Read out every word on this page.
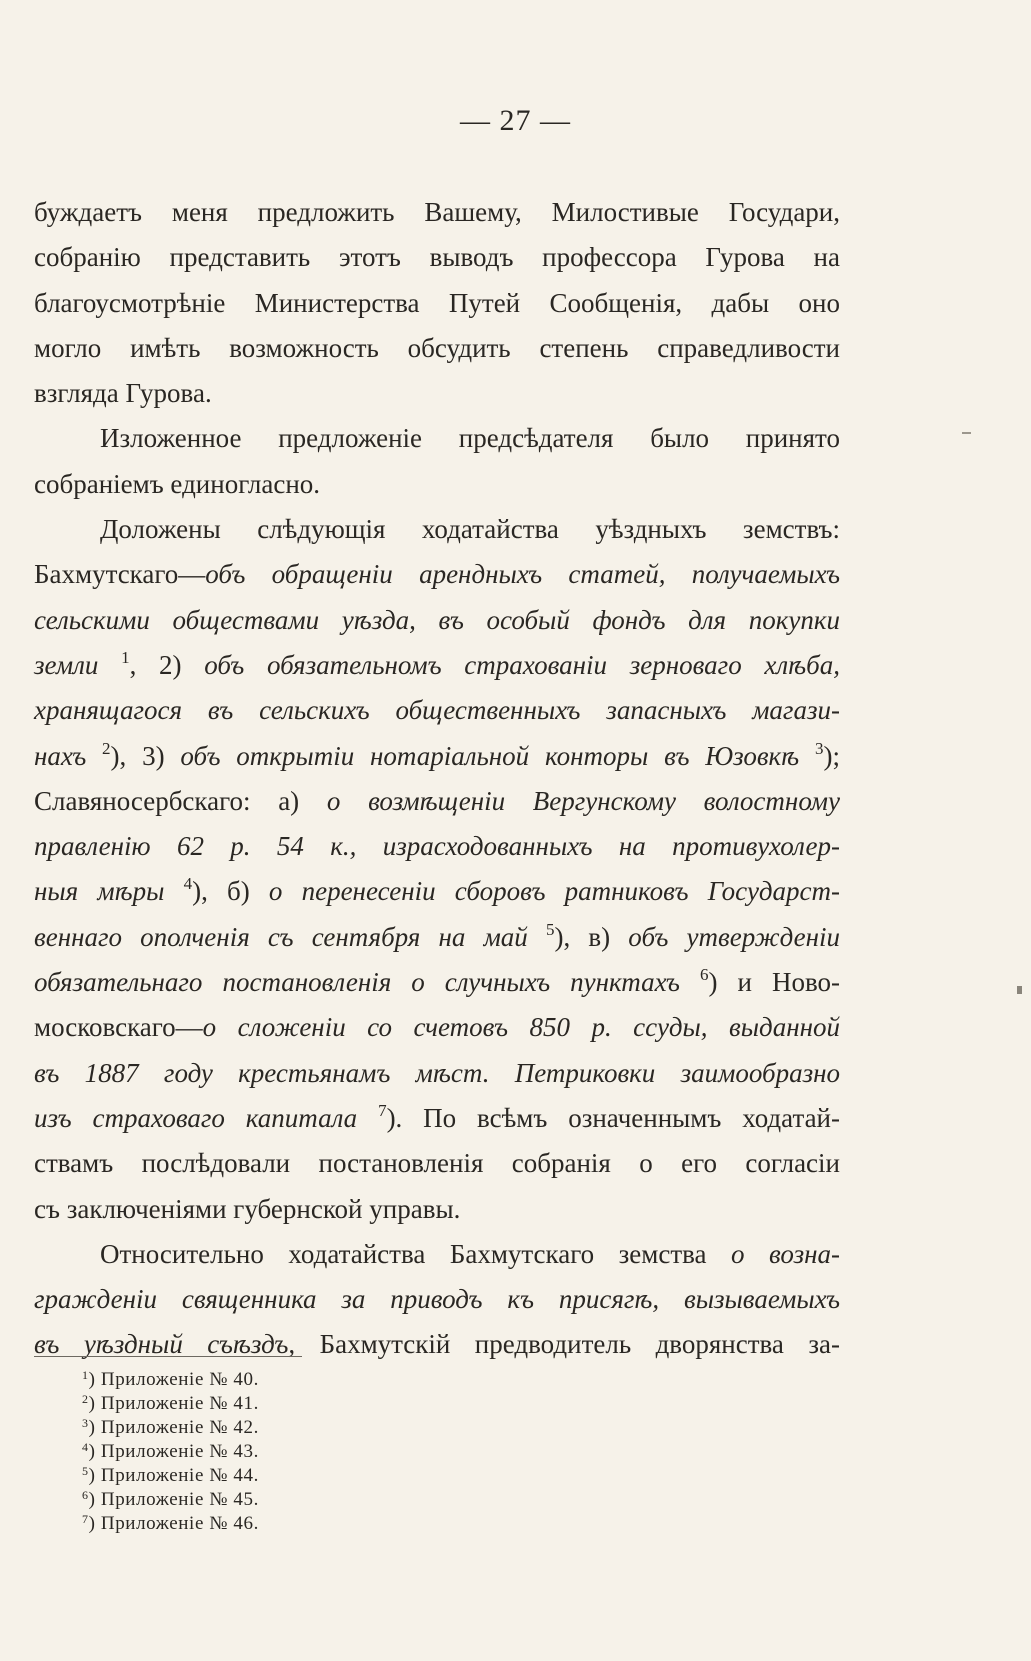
— 27 —
буждаетъ меня предложить Вашему, Милостивые Государи,
собранію представить этотъ выводъ профессора Гурова на
благоусмотрѣніе Министерства Путей Сообщенія, дабы оно
могло имѣть возможность обсудить степень справедливости
взгляда Гурова.
Изложенное предложеніе предсѣдателя было принято
собраніемъ единогласно.
Доложены слѣдующія ходатайства уѣздныхъ земствъ:
Бахмутскаго—объ обращеніи арендныхъ статей, получаемыхъ
сельскими обществами уѣзда, въ особый фондъ для покупки
земли $^1$, 2) объ обязательномъ страхованіи зерноваго хлѣба,
хранящагося въ сельскихъ общественныхъ запасныхъ магази-
нахъ $^2$), 3) объ открытіи нотаріальной конторы въ Юзовкѣ $^3$);
Славяносербскаго: а) о возмѣщеніи Вергунскому волостному
правленію 62 р. 54 к., израсходованныхъ на противухолер-
ныя мѣры $^4$), б) о перенесеніи сборовъ ратниковъ Государст-
веннаго ополченія съ сентября на май $^5$), в) объ утвержденіи
обязательнаго постановленія о случныхъ пунктахъ $^6$) и Ново-
московскаго—о сложеніи со счетовъ 850 р. ссуды, выданной
въ 1887 году крестьянамъ мѣст. Петриковки заимообразно
изъ страховаго капитала $^7$). По всѣмъ означеннымъ ходатай-
ствамъ послѣдовали постановленія собранія о его согласіи
съ заключеніями губернской управы.
Относительно ходатайства Бахмутскаго земства о возна-
гражденіи священника за приводъ къ присягѣ, вызываемыхъ
въ уѣздный съѣздъ, Бахмутскій предводитель дворянства за-
$^1$) Приложеніе № 40.
$^2$) Приложеніе № 41.
$^3$) Приложеніе № 42.
$^4$) Приложеніе № 43.
$^5$) Приложеніе № 44.
$^6$) Приложеніе № 45.
$^7$) Приложеніе № 46.
